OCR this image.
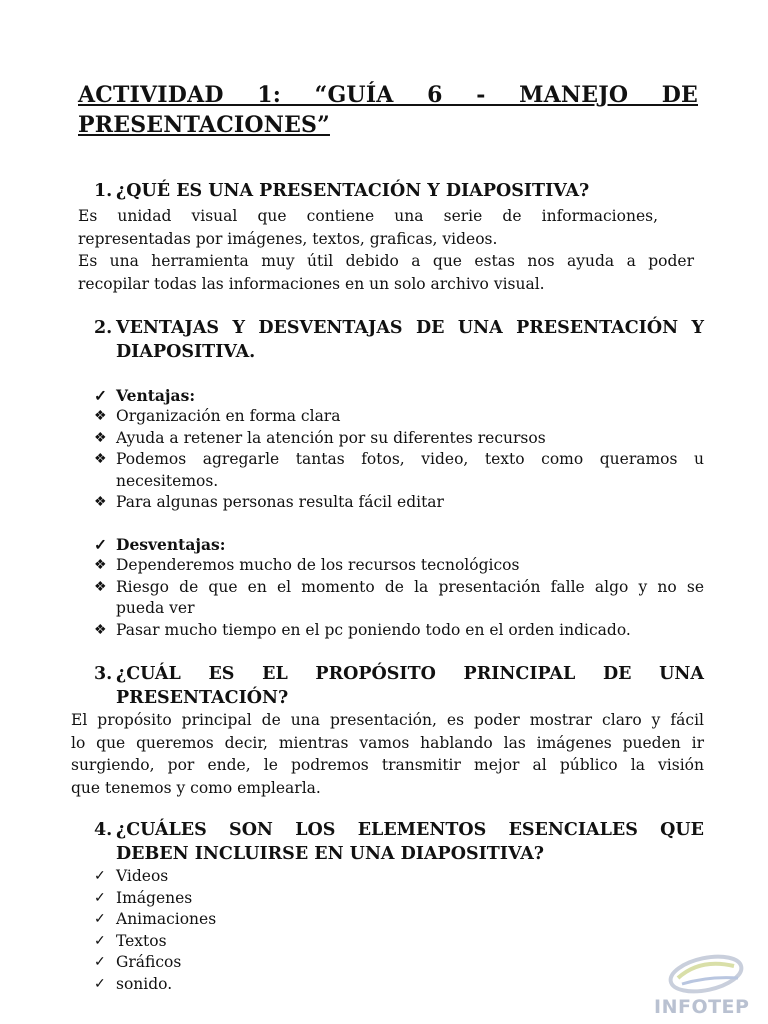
ACTIVIDAD 1: “GUÍA 6 - MANEJO DE
PRESENTACIONES”
1. ¿QUÉ ES UNA PRESENTACIÓN Y DIAPOSITIVA?
Es unidad visual que contiene una serie de informaciones,
representadas por imágenes, textos, graficas, videos.
Es una herramienta muy útil debido a que estas nos ayuda a poder
recopilar todas las informaciones en un solo archivo visual.
2. VENTAJAS Y DESVENTAJAS DE UNA PRESENTACIÓN Y
DIAPOSITIVA.
✓ Ventajas:
❖ Organización en forma clara
❖ Ayuda a retener la atención por su diferentes recursos
❖ Podemos agregarle tantas fotos, video, texto como queramos u
necesitemos.
❖ Para algunas personas resulta fácil editar
✓ Desventajas:
❖ Dependeremos mucho de los recursos tecnológicos
❖ Riesgo de que en el momento de la presentación falle algo y no se
pueda ver
❖ Pasar mucho tiempo en el pc poniendo todo en el orden indicado.
3. ¿CUÁL ES EL PROPÓSITO PRINCIPAL DE UNA
PRESENTACIÓN?
El propósito principal de una presentación, es poder mostrar claro y fácil
lo que queremos decir, mientras vamos hablando las imágenes pueden ir
surgiendo, por ende, le podremos transmitir mejor al público la visión
que tenemos y como emplearla.
4. ¿CUÁLES SON LOS ELEMENTOS ESENCIALES QUE
DEBEN INCLUIRSE EN UNA DIAPOSITIVA?
✓ Videos
✓ Imágenes
✓ Animaciones
✓ Textos
✓ Gráficos
✓ sonido.
INFOTEP
